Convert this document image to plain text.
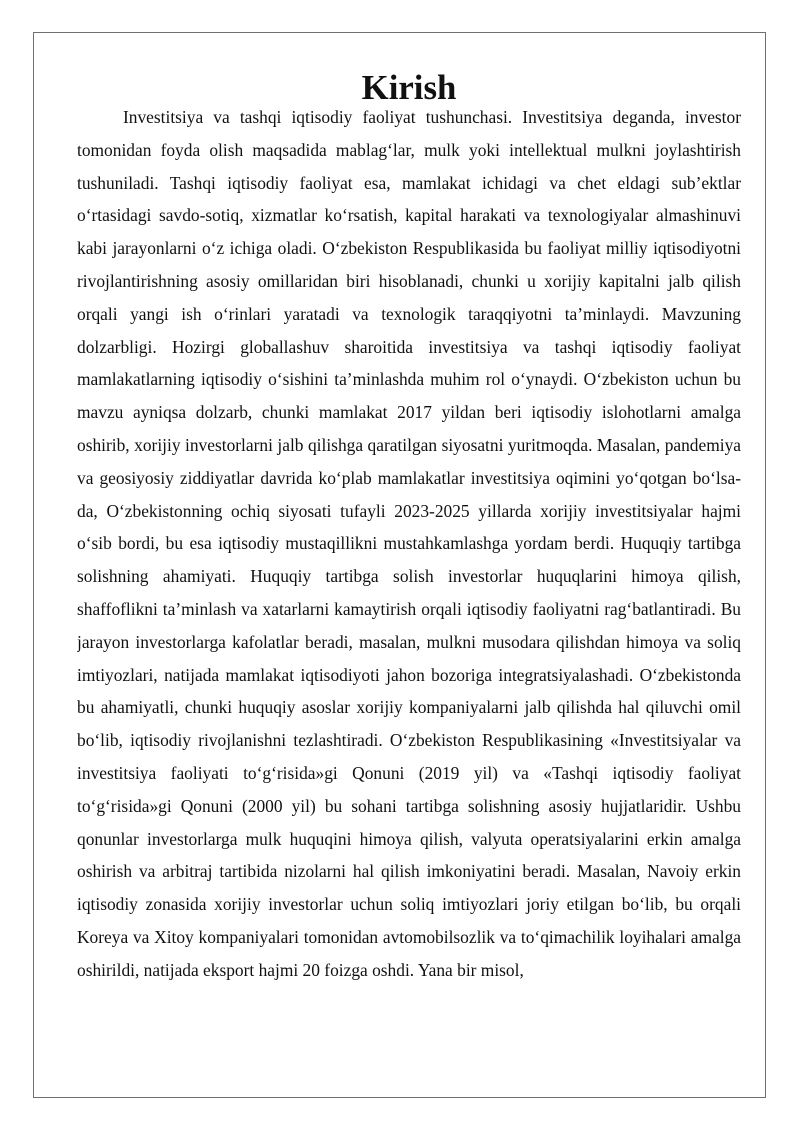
Kirish

Investitsiya va tashqi iqtisodiy faoliyat tushunchasi. Investitsiya deganda, investor tomonidan foyda olish maqsadida mablag‘lar, mulk yoki intellektual mulkni joylashtirish tushuniladi. Tashqi iqtisodiy faoliyat esa, mamlakat ichidagi va chet eldagi sub’ektlar o‘rtasidagi savdo-sotiq, xizmatlar ko‘rsatish, kapital harakati va texnologiyalar almashinuvi kabi jarayonlarni o‘z ichiga oladi. O‘zbekiston Respublikasida bu faoliyat milliy iqtisodiyotni rivojlantirishning asosiy omillaridan biri hisoblanadi, chunki u xorijiy kapitalni jalb qilish orqali yangi ish o‘rinlari yaratadi va texnologik taraqqiyotni ta’minlaydi. Mavzuning dolzarbligi. Hozirgi globallashuv sharoitida investitsiya va tashqi iqtisodiy faoliyat mamlakatlarning iqtisodiy o‘sishini ta’minlashda muhim rol o‘ynaydi. O‘zbekiston uchun bu mavzu ayniqsa dolzarb, chunki mamlakat 2017 yildan beri iqtisodiy islohotlarni amalga oshirib, xorijiy investorlarni jalb qilishga qaratilgan siyosatni yuritmoqda. Masalan, pandemiya va geosiyosiy ziddiyatlar davrida ko‘plab mamlakatlar investitsiya oqimini yo‘qotgan bo‘lsa-da, O‘zbekistonning ochiq siyosati tufayli 2023-2025 yillarda xorijiy investitsiyalar hajmi o‘sib bordi, bu esa iqtisodiy mustaqillikni mustahkamlashga yordam berdi. Huquqiy tartibga solishning ahamiyati. Huquqiy tartibga solish investorlar huquqlarini himoya qilish, shaffoflikni ta’minlash va xatarlarni kamaytirish orqali iqtisodiy faoliyatni rag‘batlantiradi. Bu jarayon investorlarga kafolatlar beradi, masalan, mulkni musodara qilishdan himoya va soliq imtiyozlari, natijada mamlakat iqtisodiyoti jahon bozoriga integratsiyalashadi. O‘zbekistonda bu ahamiyatli, chunki huquqiy asoslar xorijiy kompaniyalarni jalb qilishda hal qiluvchi omil bo‘lib, iqtisodiy rivojlanishni tezlashtiradi. O‘zbekiston Respublikasining «Investitsiyalar va investitsiya faoliyati to‘g‘risida»gi Qonuni (2019 yil) va «Tashqi iqtisodiy faoliyat to‘g‘risida»gi Qonuni (2000 yil) bu sohani tartibga solishning asosiy hujjatlaridir. Ushbu qonunlar investorlarga mulk huquqini himoya qilish, valyuta operatsiyalarini erkin amalga oshirish va arbitraj tartibida nizolarni hal qilish imkoniyatini beradi. Masalan, Navoiy erkin iqtisodiy zonasida xorijiy investorlar uchun soliq imtiyozlari joriy etilgan bo‘lib, bu orqali Koreya va Xitoy kompaniyalari tomonidan avtomobilsozlik va to‘qimachilik loyihalari amalga oshirildi, natijada eksport hajmi 20 foizga oshdi. Yana bir misol,
